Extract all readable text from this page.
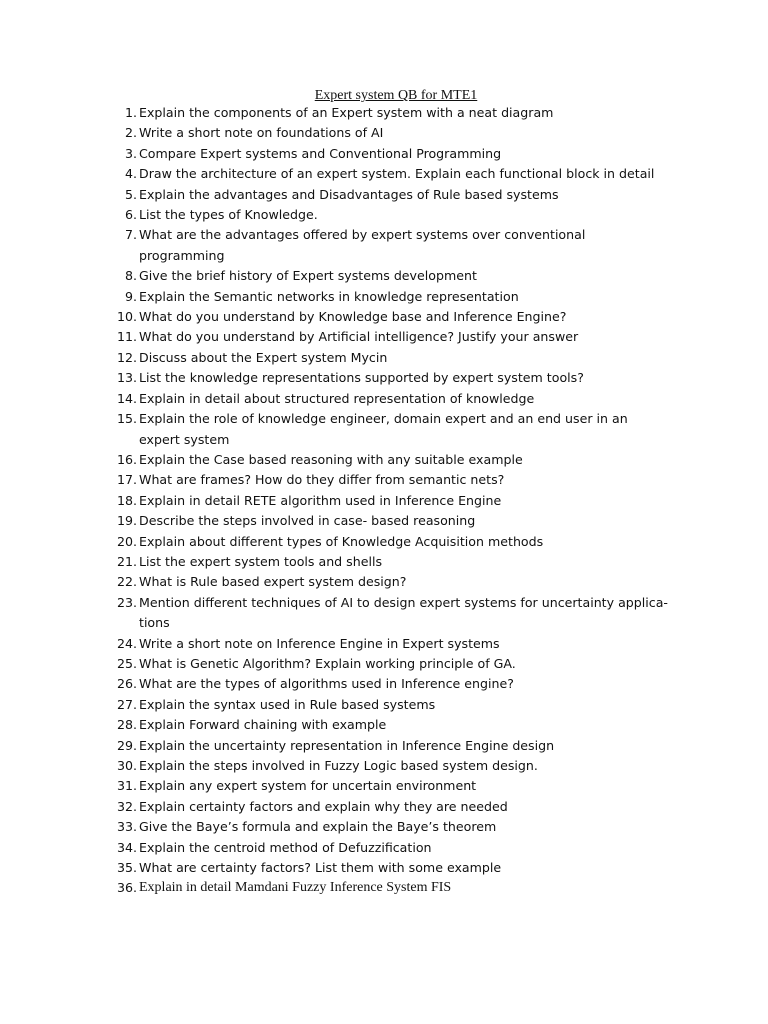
Expert system QB for MTE1
1. Explain the components of an Expert system with a neat diagram
2. Write a short note on foundations of AI
3. Compare Expert systems and Conventional Programming
4. Draw the architecture of an expert system. Explain each functional block in detail
5. Explain the advantages and Disadvantages of Rule based systems
6. List the types of Knowledge.
7. What are the advantages offered by expert systems over conventional programming
8. Give the brief history of Expert systems development
9. Explain the Semantic networks in knowledge representation
10. What do you understand by Knowledge base and Inference Engine?
11. What do you understand by Artificial intelligence? Justify your answer
12. Discuss about the Expert system Mycin
13. List the knowledge representations supported by expert system tools?
14. Explain in detail about structured representation of knowledge
15. Explain the role of knowledge engineer, domain expert and an end user in an expert system
16. Explain the Case based reasoning with any suitable example
17. What are frames? How do they differ from semantic nets?
18. Explain in detail RETE algorithm used in Inference Engine
19. Describe the steps involved in case- based reasoning
20. Explain about different types of Knowledge Acquisition methods
21. List the expert system tools and shells
22. What is Rule based expert system design?
23. Mention different techniques of AI to design expert systems for uncertainty applica-tions
24. Write a short note on Inference Engine in Expert systems
25. What is Genetic Algorithm? Explain working principle of GA.
26. What are the types of algorithms used in Inference engine?
27. Explain the syntax used in Rule based systems
28. Explain Forward chaining with example
29. Explain the uncertainty representation in Inference Engine design
30. Explain the steps involved in Fuzzy Logic based system design.
31. Explain any expert system for uncertain environment
32. Explain certainty factors and explain why they are needed
33. Give the Baye’s formula and explain the Baye’s theorem
34. Explain the centroid method of Defuzzification
35. What are certainty factors? List them with some example
36. Explain in detail Mamdani Fuzzy Inference System FIS
